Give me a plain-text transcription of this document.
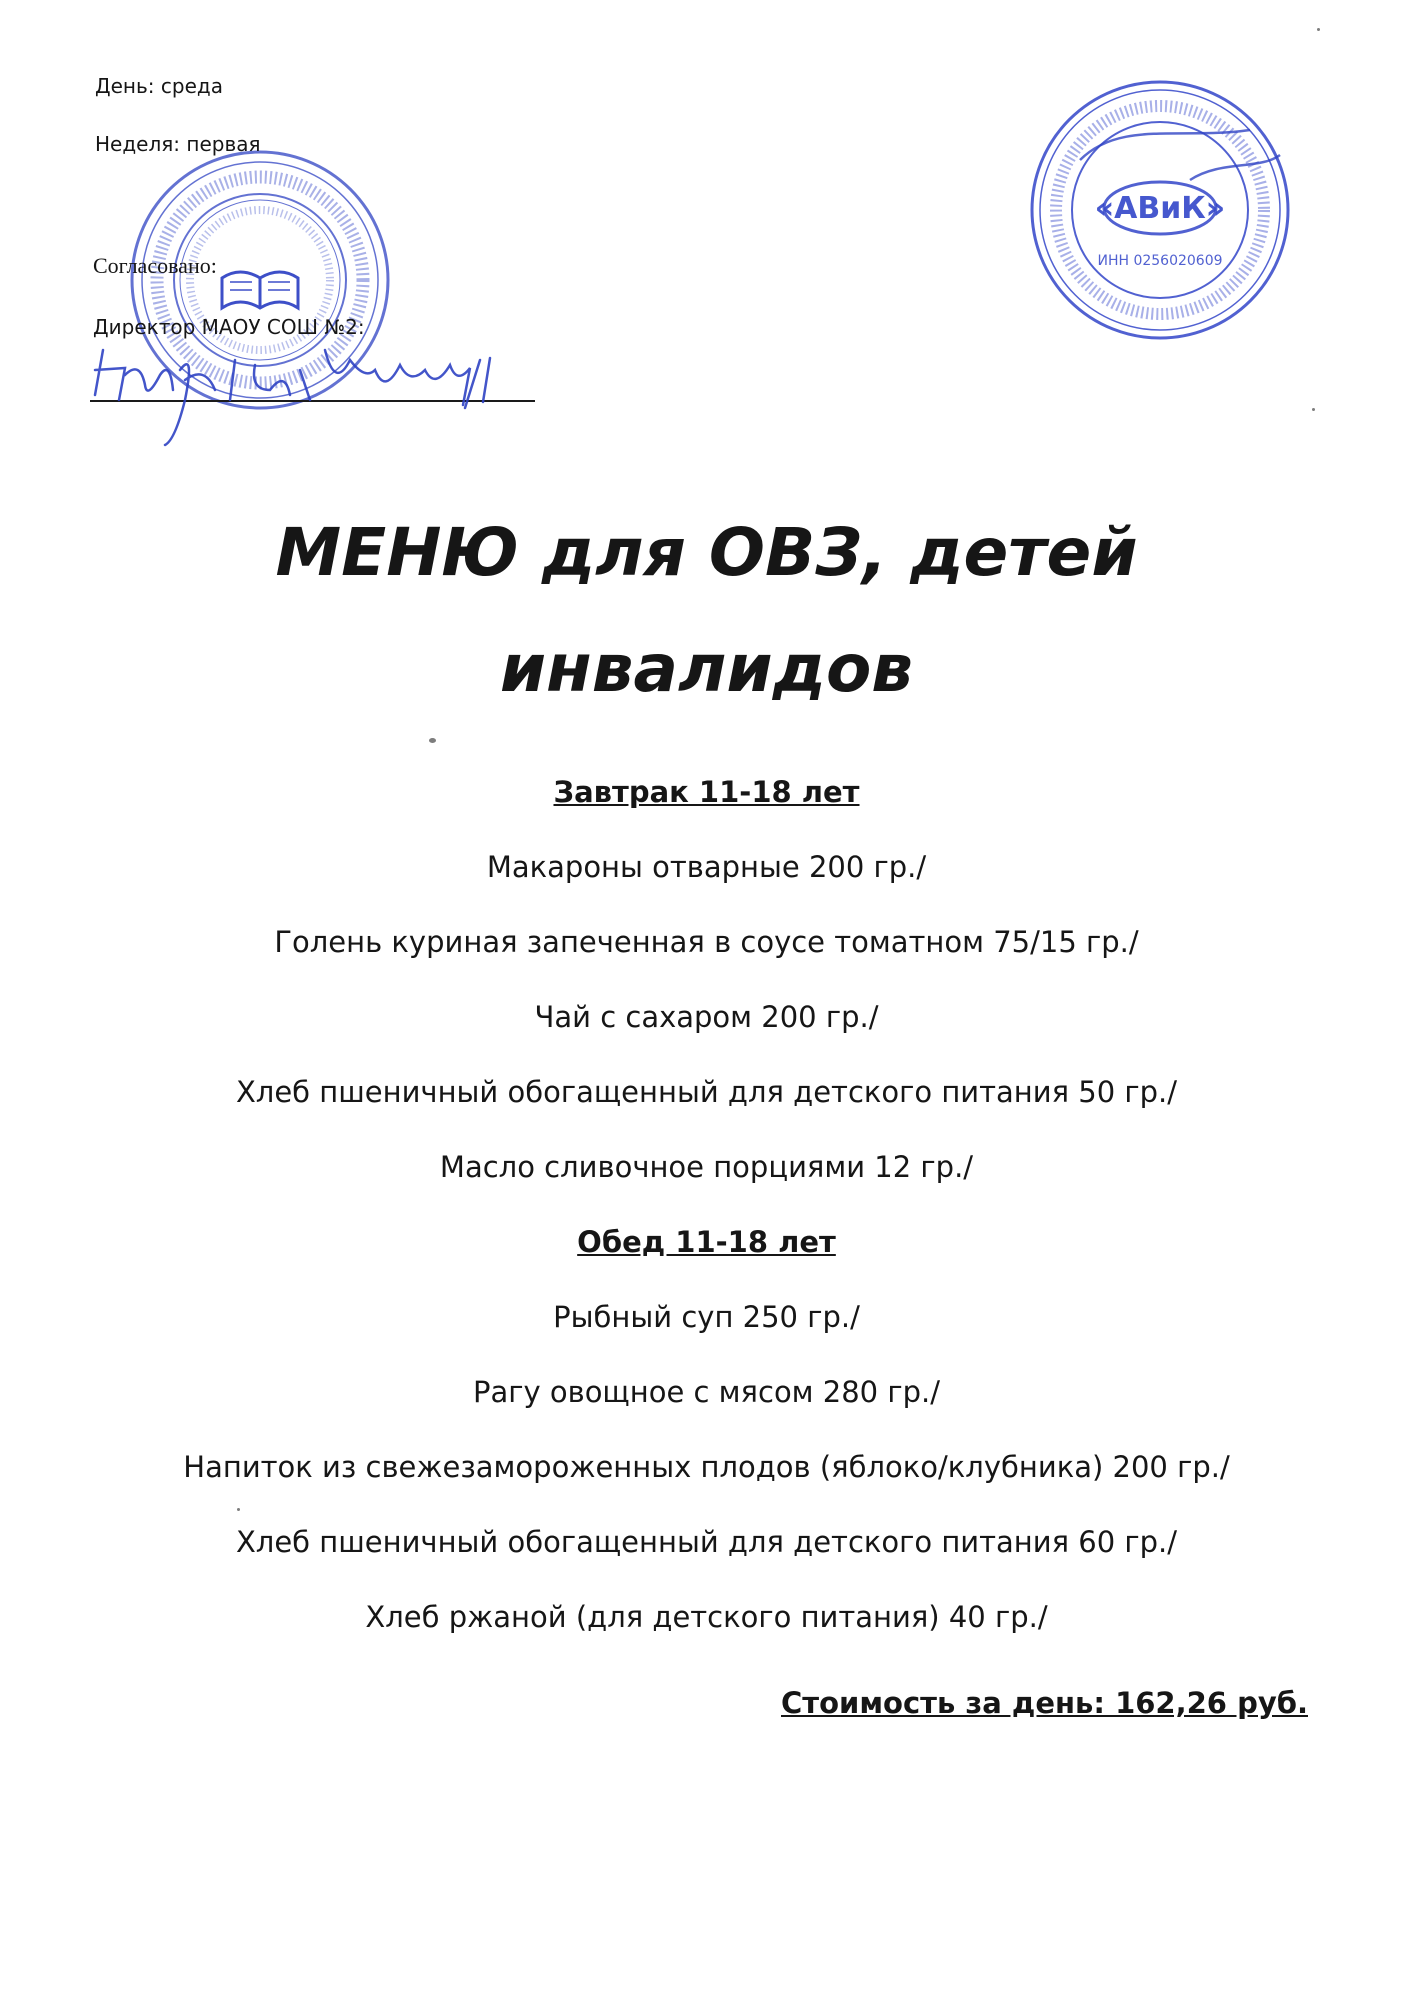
«АВиК»
ИНН 0256020609
День: среда
Неделя: первая
Согласовано:
Директор МАОУ СОШ №2:
МЕНЮ для ОВЗ, детей
инвалидов
Завтрак 11-18 лет
Макароны отварные 200 гр./
Голень куриная запеченная в соусе томатном 75/15 гр./
Чай с сахаром 200 гр./
Хлеб пшеничный обогащенный для детского питания 50 гр./
Масло сливочное порциями 12 гр./
Обед 11-18 лет
Рыбный суп 250 гр./
Рагу овощное с мясом 280 гр./
Напиток из свежезамороженных плодов (яблоко/клубника) 200 гр./
Хлеб пшеничный обогащенный для детского питания 60 гр./
Хлеб ржаной (для детского питания) 40 гр./
Стоимость за день: 162,26 руб.
